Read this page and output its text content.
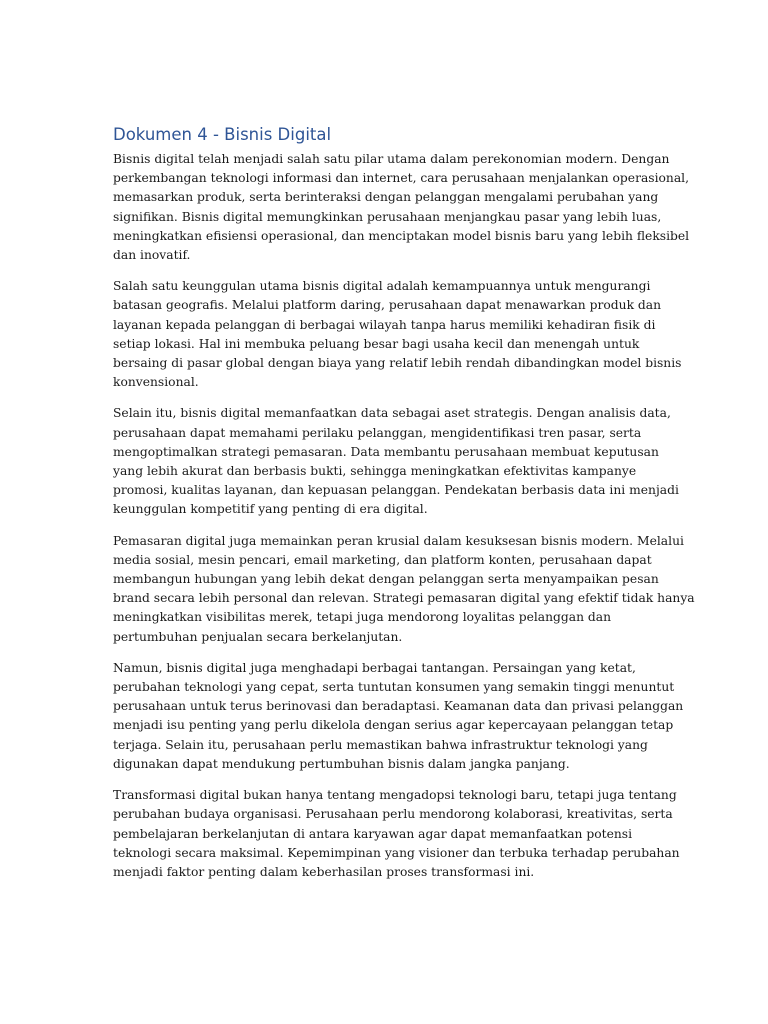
Dokumen 4 - Bisnis Digital

Bisnis digital telah menjadi salah satu pilar utama dalam perekonomian modern. Dengan
perkembangan teknologi informasi dan internet, cara perusahaan menjalankan operasional,
memasarkan produk, serta berinteraksi dengan pelanggan mengalami perubahan yang
signifikan. Bisnis digital memungkinkan perusahaan menjangkau pasar yang lebih luas,
meningkatkan efisiensi operasional, dan menciptakan model bisnis baru yang lebih fleksibel
dan inovatif.

Salah satu keunggulan utama bisnis digital adalah kemampuannya untuk mengurangi
batasan geografis. Melalui platform daring, perusahaan dapat menawarkan produk dan
layanan kepada pelanggan di berbagai wilayah tanpa harus memiliki kehadiran fisik di
setiap lokasi. Hal ini membuka peluang besar bagi usaha kecil dan menengah untuk
bersaing di pasar global dengan biaya yang relatif lebih rendah dibandingkan model bisnis
konvensional.

Selain itu, bisnis digital memanfaatkan data sebagai aset strategis. Dengan analisis data,
perusahaan dapat memahami perilaku pelanggan, mengidentifikasi tren pasar, serta
mengoptimalkan strategi pemasaran. Data membantu perusahaan membuat keputusan
yang lebih akurat dan berbasis bukti, sehingga meningkatkan efektivitas kampanye
promosi, kualitas layanan, dan kepuasan pelanggan. Pendekatan berbasis data ini menjadi
keunggulan kompetitif yang penting di era digital.

Pemasaran digital juga memainkan peran krusial dalam kesuksesan bisnis modern. Melalui
media sosial, mesin pencari, email marketing, dan platform konten, perusahaan dapat
membangun hubungan yang lebih dekat dengan pelanggan serta menyampaikan pesan
brand secara lebih personal dan relevan. Strategi pemasaran digital yang efektif tidak hanya
meningkatkan visibilitas merek, tetapi juga mendorong loyalitas pelanggan dan
pertumbuhan penjualan secara berkelanjutan.

Namun, bisnis digital juga menghadapi berbagai tantangan. Persaingan yang ketat,
perubahan teknologi yang cepat, serta tuntutan konsumen yang semakin tinggi menuntut
perusahaan untuk terus berinovasi dan beradaptasi. Keamanan data dan privasi pelanggan
menjadi isu penting yang perlu dikelola dengan serius agar kepercayaan pelanggan tetap
terjaga. Selain itu, perusahaan perlu memastikan bahwa infrastruktur teknologi yang
digunakan dapat mendukung pertumbuhan bisnis dalam jangka panjang.

Transformasi digital bukan hanya tentang mengadopsi teknologi baru, tetapi juga tentang
perubahan budaya organisasi. Perusahaan perlu mendorong kolaborasi, kreativitas, serta
pembelajaran berkelanjutan di antara karyawan agar dapat memanfaatkan potensi
teknologi secara maksimal. Kepemimpinan yang visioner dan terbuka terhadap perubahan
menjadi faktor penting dalam keberhasilan proses transformasi ini.
